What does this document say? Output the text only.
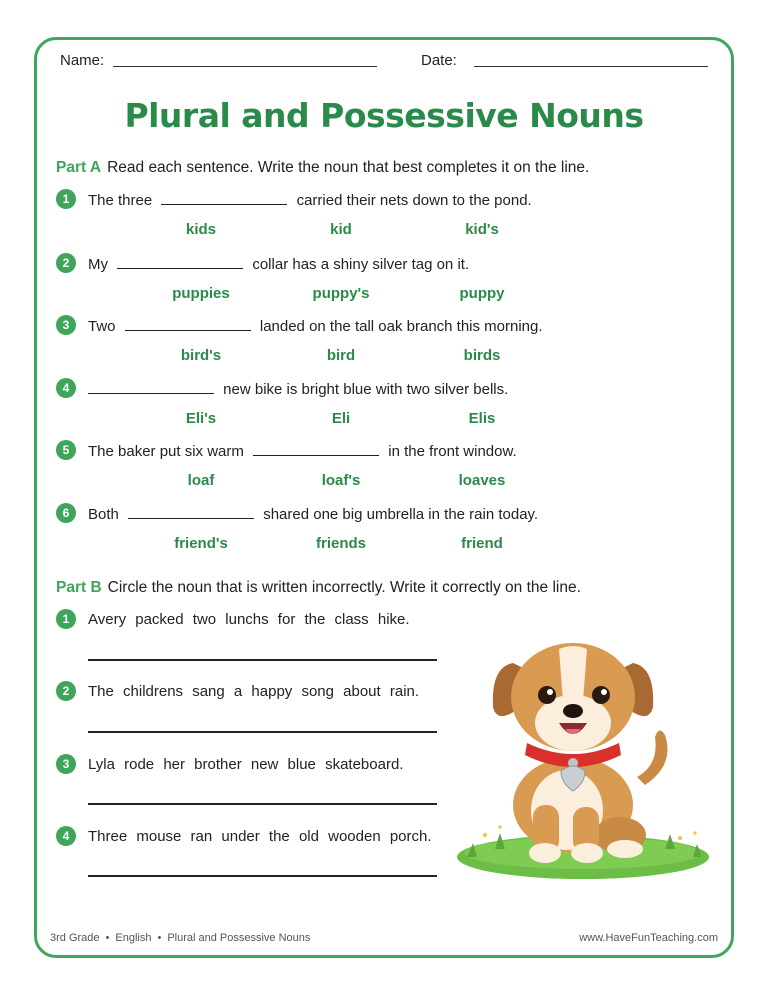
Name:	Date:
Plural and Possessive Nouns
Part A Read each sentence. Write the noun that best completes it on the line.
1	The three	carried their nets down to the pond.
kids	kid	kid's
2	My	collar has a shiny silver tag on it.
puppies	puppy's	puppy
3	Two	landed on the tall oak branch this morning.
bird's	bird	birds
4	new bike is bright blue with two silver bells.
Eli's	Eli	Elis
5	The baker put six warm	in the front window.
loaf	loaf's	loaves
6	Both	shared one big umbrella in the rain today.
friend's	friends	friend
Part B Circle the noun that is written incorrectly. Write it correctly on the line.
1	Avery packed two lunchs for the class hike.
2	The childrens sang a happy song about rain.
3	Lyla rode her brother new blue skateboard.
4	Three mouse ran under the old wooden porch.
3rd Grade • English • Plural and Possessive Nouns	www.HaveFunTeaching.com
